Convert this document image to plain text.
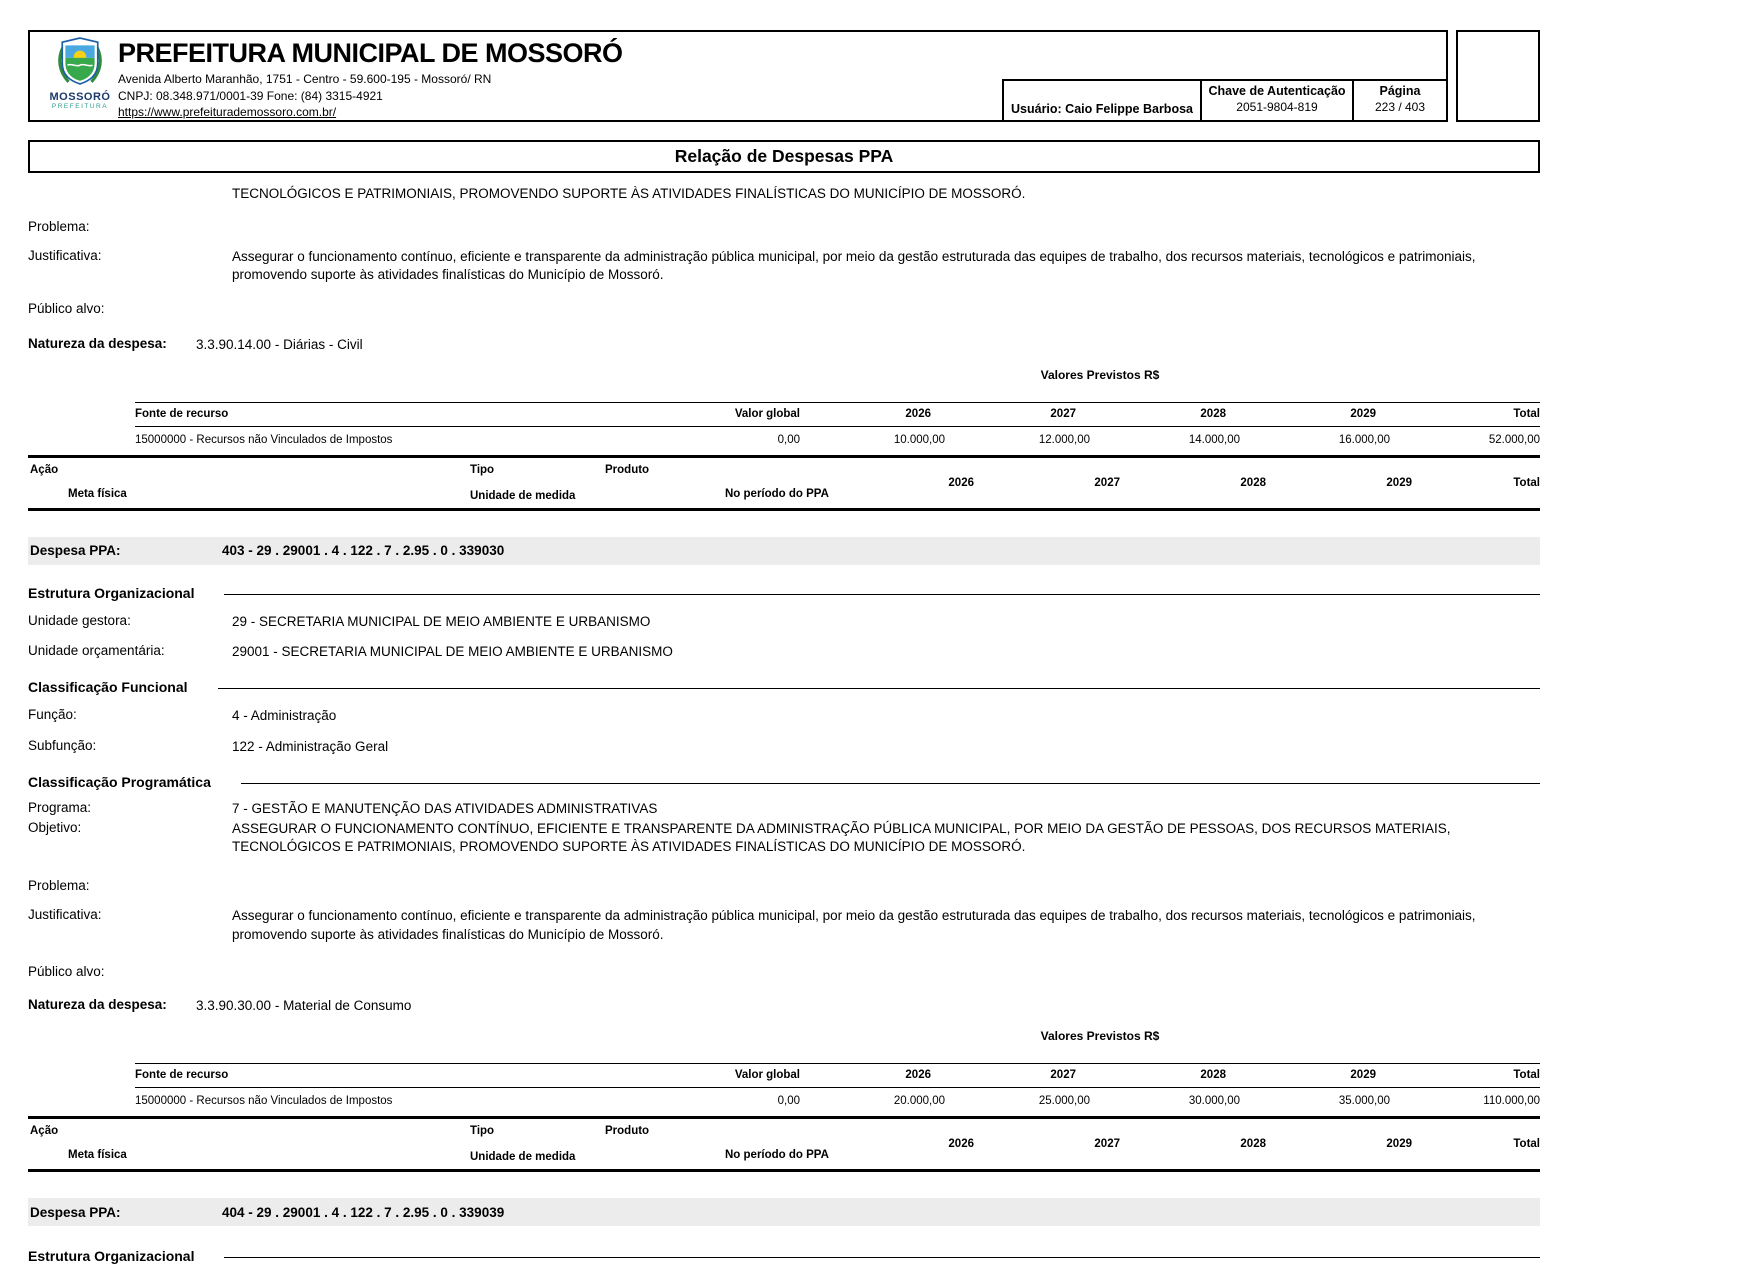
MOSSORÓ
PREFEITURA
PREFEITURA MUNICIPAL DE MOSSORÓ
Avenida Alberto Maranhão, 1751 - Centro - 59.600-195 - Mossoró/ RN
CNPJ: 08.348.971/0001-39 Fone: (84) 3315-4921
https://www.prefeiturademossoro.com.br/	Usuário: Caio Felippe Barbosa
Chave de Autenticação
2051-9804-819
Página
223 / 403
Relação de Despesas PPA
TECNOLÓGICOS E PATRIMONIAIS, PROMOVENDO SUPORTE ÀS ATIVIDADES FINALÍSTICAS DO MUNICÍPIO DE MOSSORÓ.
Problema:
Justificativa:	Assegurar o funcionamento contínuo, eficiente e transparente da administração pública municipal, por meio da gestão estruturada das equipes de trabalho, dos recursos materiais, tecnológicos e patrimoniais, promovendo suporte às atividades finalísticas do Município de Mossoró.
Público alvo:
Natureza da despesa:	3.3.90.14.00 - Diárias - Civil
Valores Previstos R$
Fonte de recurso	Valor global	2026	2027	2028	2029	Total
15000000 - Recursos não Vinculados de Impostos	0,00	10.000,00	12.000,00	14.000,00	16.000,00	52.000,00
Ação	Tipo	Produto
Meta física	Unidade de medida	No período do PPA
2026	2027	2028	2029	Total
Despesa PPA:	403 - 29 . 29001 . 4 . 122 . 7 . 2.95 . 0 . 339030
Estrutura Organizacional
Unidade gestora:	29 - SECRETARIA MUNICIPAL DE MEIO AMBIENTE E URBANISMO
Unidade orçamentária:	29001 - SECRETARIA MUNICIPAL DE MEIO AMBIENTE E URBANISMO
Classificação Funcional
Função:	4 - Administração
Subfunção:	122 - Administração Geral
Classificação Programática
Programa:	7 - GESTÃO E MANUTENÇÃO DAS ATIVIDADES ADMINISTRATIVAS
Objetivo:	ASSEGURAR O FUNCIONAMENTO CONTÍNUO, EFICIENTE E TRANSPARENTE DA ADMINISTRAÇÃO PÚBLICA MUNICIPAL, POR MEIO DA GESTÃO DE PESSOAS, DOS RECURSOS MATERIAIS, TECNOLÓGICOS E PATRIMONIAIS, PROMOVENDO SUPORTE ÀS ATIVIDADES FINALÍSTICAS DO MUNICÍPIO DE MOSSORÓ.
Problema:
Justificativa:	Assegurar o funcionamento contínuo, eficiente e transparente da administração pública municipal, por meio da gestão estruturada das equipes de trabalho, dos recursos materiais, tecnológicos e patrimoniais, promovendo suporte às atividades finalísticas do Município de Mossoró.
Público alvo:
Natureza da despesa:	3.3.90.30.00 - Material de Consumo
Valores Previstos R$
Fonte de recurso	Valor global	2026	2027	2028	2029	Total
15000000 - Recursos não Vinculados de Impostos	0,00	20.000,00	25.000,00	30.000,00	35.000,00	110.000,00
Ação	Tipo	Produto
Meta física	Unidade de medida	No período do PPA
2026	2027	2028	2029	Total
Despesa PPA:	404 - 29 . 29001 . 4 . 122 . 7 . 2.95 . 0 . 339039
Estrutura Organizacional
